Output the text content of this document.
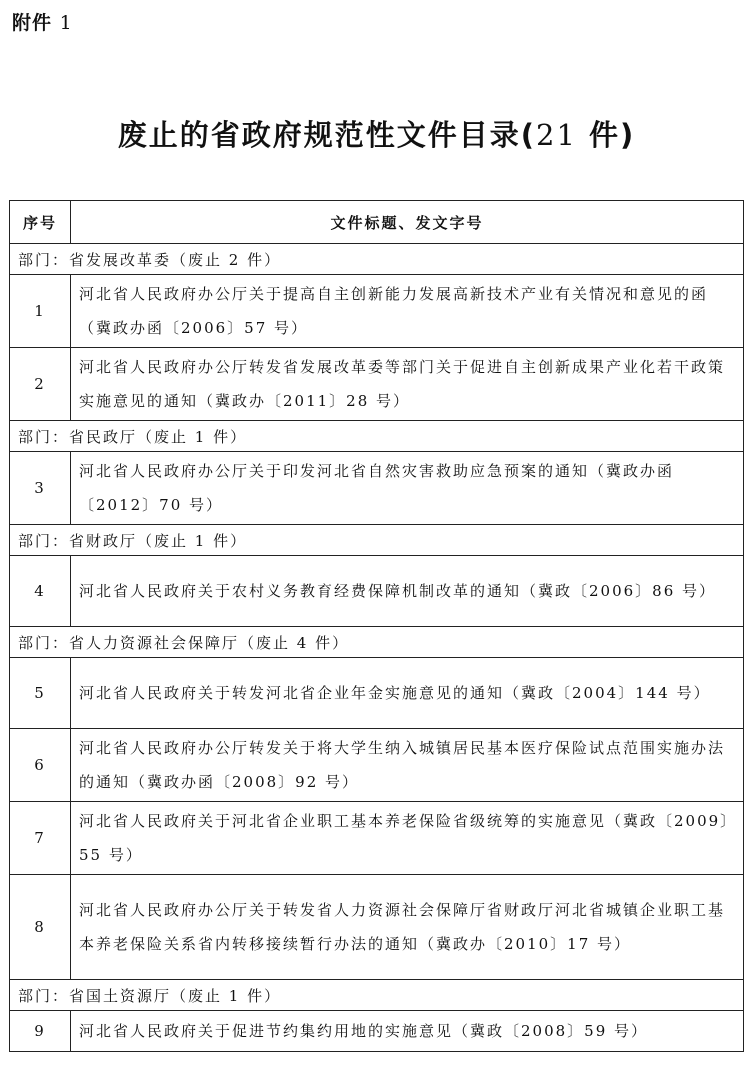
附件 1
废止的省政府规范性文件目录(21 件)
序号	文件标题、发文字号
部门：省发展改革委（废止 2 件）	
1	河北省人民政府办公厅关于提高自主创新能力发展高新技术产业有关情况和意见的函（冀政办函〔2006〕57 号）
2	河北省人民政府办公厅转发省发展改革委等部门关于促进自主创新成果产业化若干政策实施意见的通知（冀政办〔2011〕28 号）
部门：省民政厅（废止 1 件）	
3	河北省人民政府办公厅关于印发河北省自然灾害救助应急预案的通知（冀政办函〔2012〕70 号）
部门：省财政厅（废止 1 件）	
4	河北省人民政府关于农村义务教育经费保障机制改革的通知（冀政〔2006〕86 号）
部门：省人力资源社会保障厅（废止 4 件）	
5	河北省人民政府关于转发河北省企业年金实施意见的通知（冀政〔2004〕144 号）
6	河北省人民政府办公厅转发关于将大学生纳入城镇居民基本医疗保险试点范围实施办法的通知（冀政办函〔2008〕92 号）
7	河北省人民政府关于河北省企业职工基本养老保险省级统筹的实施意见（冀政〔2009〕55 号）
8	河北省人民政府办公厅关于转发省人力资源社会保障厅省财政厅河北省城镇企业职工基本养老保险关系省内转移接续暂行办法的通知（冀政办〔2010〕17 号）
部门：省国土资源厅（废止 1 件）	
9	河北省人民政府关于促进节约集约用地的实施意见（冀政〔2008〕59 号）
